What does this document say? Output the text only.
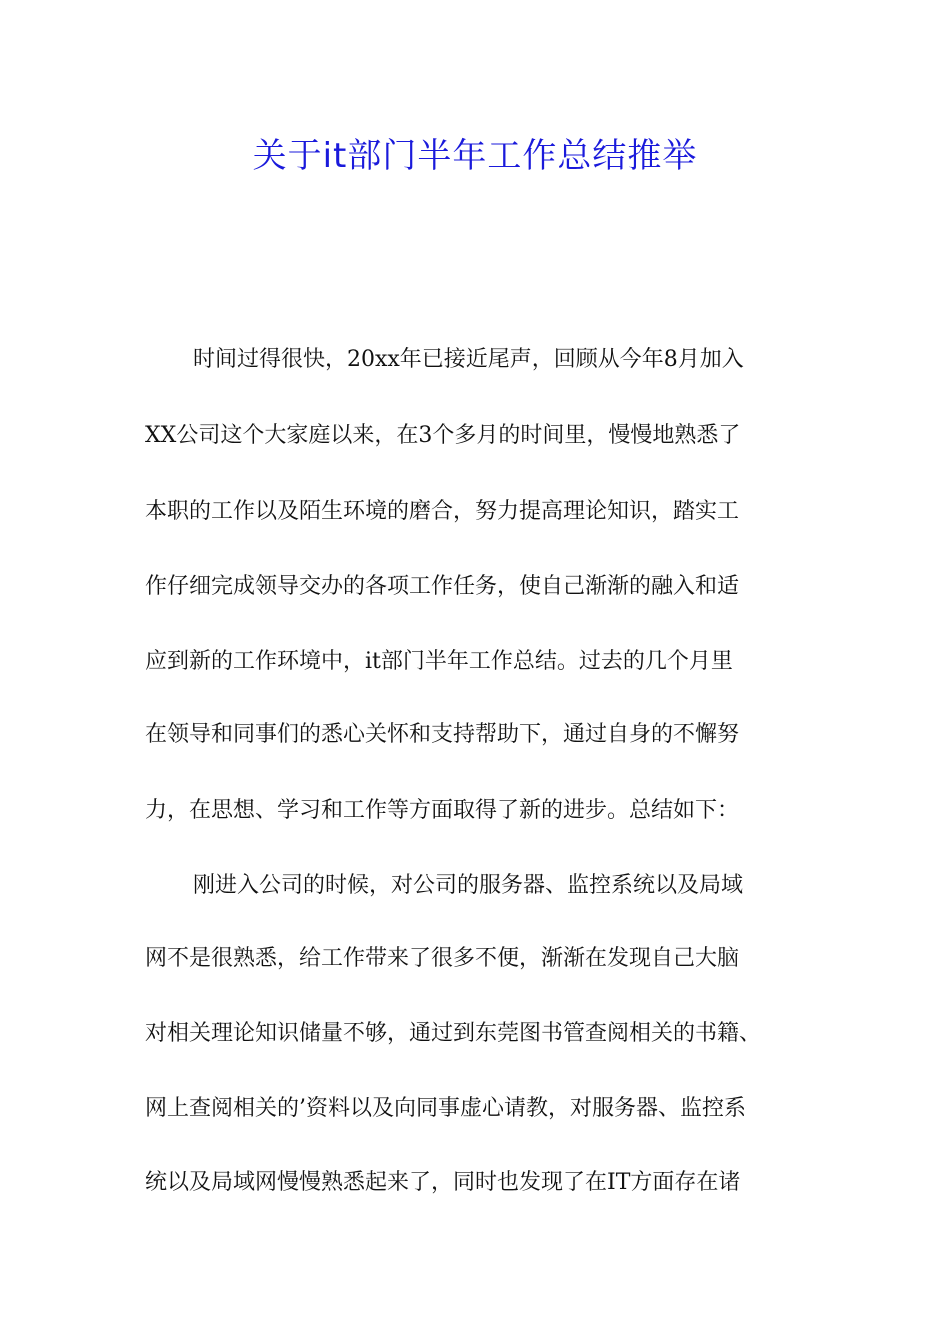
关于it部门半年工作总结推举
时间过得很快，20xx年已接近尾声，回顾从今年8月加入
XX公司这个大家庭以来，在3个多月的时间里，慢慢地熟悉了
本职的工作以及陌生环境的磨合，努力提高理论知识，踏实工
作仔细完成领导交办的各项工作任务，使自己渐渐的融入和适
应到新的工作环境中，it部门半年工作总结。过去的几个月里
在领导和同事们的悉心关怀和支持帮助下，通过自身的不懈努
力，在思想、学习和工作等方面取得了新的进步。总结如下：
刚进入公司的时候，对公司的服务器、监控系统以及局域
网不是很熟悉，给工作带来了很多不便，渐渐在发现自己大脑
对相关理论知识储量不够，通过到东莞图书管查阅相关的书籍、
网上查阅相关的’资料以及向同事虚心请教，对服务器、监控系
统以及局域网慢慢熟悉起来了，同时也发现了在IT方面存在诸
